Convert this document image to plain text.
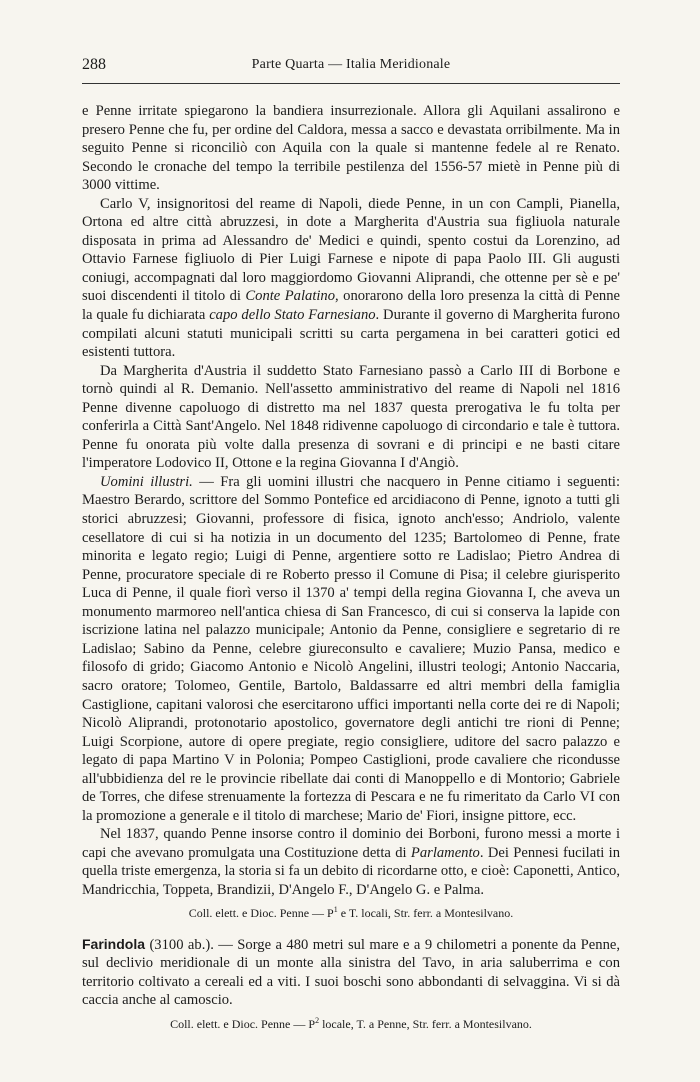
288	Parte Quarta — Italia Meridionale

e Penne irritate spiegarono la bandiera insurrezionale. Allora gli Aquilani assalirono e presero Penne che fu, per ordine del Caldora, messa a sacco e devastata orribilmente. Ma in seguito Penne si riconciliò con Aquila con la quale si mantenne fedele al re Renato. Secondo le cronache del tempo la terribile pestilenza del 1556-57 mietè in Penne più di 3000 vittime.

Carlo V, insignoritosi del reame di Napoli, diede Penne, in un con Campli, Pianella, Ortona ed altre città abruzzesi, in dote a Margherita d'Austria sua figliuola naturale disposata in prima ad Alessandro de' Medici e quindi, spento costui da Lorenzino, ad Ottavio Farnese figliuolo di Pier Luigi Farnese e nipote di papa Paolo III. Gli augusti coniugi, accompagnati dal loro maggiordomo Giovanni Aliprandi, che ottenne per sè e pe' suoi discendenti il titolo di Conte Palatino, onorarono della loro presenza la città di Penne la quale fu dichiarata capo dello Stato Farnesiano. Durante il governo di Margherita furono compilati alcuni statuti municipali scritti su carta pergamena in bei caratteri gotici ed esistenti tuttora.

Da Margherita d'Austria il suddetto Stato Farnesiano passò a Carlo III di Borbone e tornò quindi al R. Demanio. Nell'assetto amministrativo del reame di Napoli nel 1816 Penne divenne capoluogo di distretto ma nel 1837 questa prerogativa le fu tolta per conferirla a Città Sant'Angelo. Nel 1848 ridivenne capoluogo di circondario e tale è tuttora. Penne fu onorata più volte dalla presenza di sovrani e di principi e ne basti citare l'imperatore Lodovico II, Ottone e la regina Giovanna I d'Angiò.

Uomini illustri. — Fra gli uomini illustri che nacquero in Penne citiamo i seguenti: Maestro Berardo, scrittore del Sommo Pontefice ed arcidiacono di Penne, ignoto a tutti gli storici abruzzesi; Giovanni, professore di fisica, ignoto anch'esso; Andriolo, valente cesellatore di cui si ha notizia in un documento del 1235; Bartolomeo di Penne, frate minorita e legato regio; Luigi di Penne, argentiere sotto re Ladislao; Pietro Andrea di Penne, procuratore speciale di re Roberto presso il Comune di Pisa; il celebre giurisperito Luca di Penne, il quale fiorì verso il 1370 a' tempi della regina Giovanna I, che aveva un monumento marmoreo nell'antica chiesa di San Francesco, di cui si conserva la lapide con iscrizione latina nel palazzo municipale; Antonio da Penne, consigliere e segretario di re Ladislao; Sabino da Penne, celebre giureconsulto e cavaliere; Muzio Pansa, medico e filosofo di grido; Giacomo Antonio e Nicolò Angelini, illustri teologi; Antonio Naccaria, sacro oratore; Tolomeo, Gentile, Bartolo, Baldassarre ed altri membri della famiglia Castiglione, capitani valorosi che esercitarono uffici importanti nella corte dei re di Napoli; Nicolò Aliprandi, protonotario apostolico, governatore degli antichi tre rioni di Penne; Luigi Scorpione, autore di opere pregiate, regio consigliere, uditore del sacro palazzo e legato di papa Martino V in Polonia; Pompeo Castiglioni, prode cavaliere che ricondusse all'ubbidienza del re le provincie ribellate dai conti di Manoppello e di Montorio; Gabriele de Torres, che difese strenuamente la fortezza di Pescara e ne fu rimeritato da Carlo VI con la promozione a generale e il titolo di marchese; Mario de' Fiori, insigne pittore, ecc.

Nel 1837, quando Penne insorse contro il dominio dei Borboni, furono messi a morte i capi che avevano promulgata una Costituzione detta di Parlamento. Dei Pennesi fucilati in quella triste emergenza, la storia si fa un debito di ricordarne otto, e cioè: Caponetti, Antico, Mandricchia, Toppeta, Brandizii, D'Angelo F., D'Angelo G. e Palma.

Coll. elett. e Dioc. Penne — $P^1$ e T. locali, Str. ferr. a Montesilvano.

Farindola (3100 ab.). — Sorge a 480 metri sul mare e a 9 chilometri a ponente da Penne, sul declivio meridionale di un monte alla sinistra del Tavo, in aria saluberrima e con territorio coltivato a cereali ed a viti. I suoi boschi sono abbondanti di selvaggina. Vi si dà caccia anche al camoscio.

Coll. elett. e Dioc. Penne — $P^2$ locale, T. a Penne, Str. ferr. a Montesilvano.
